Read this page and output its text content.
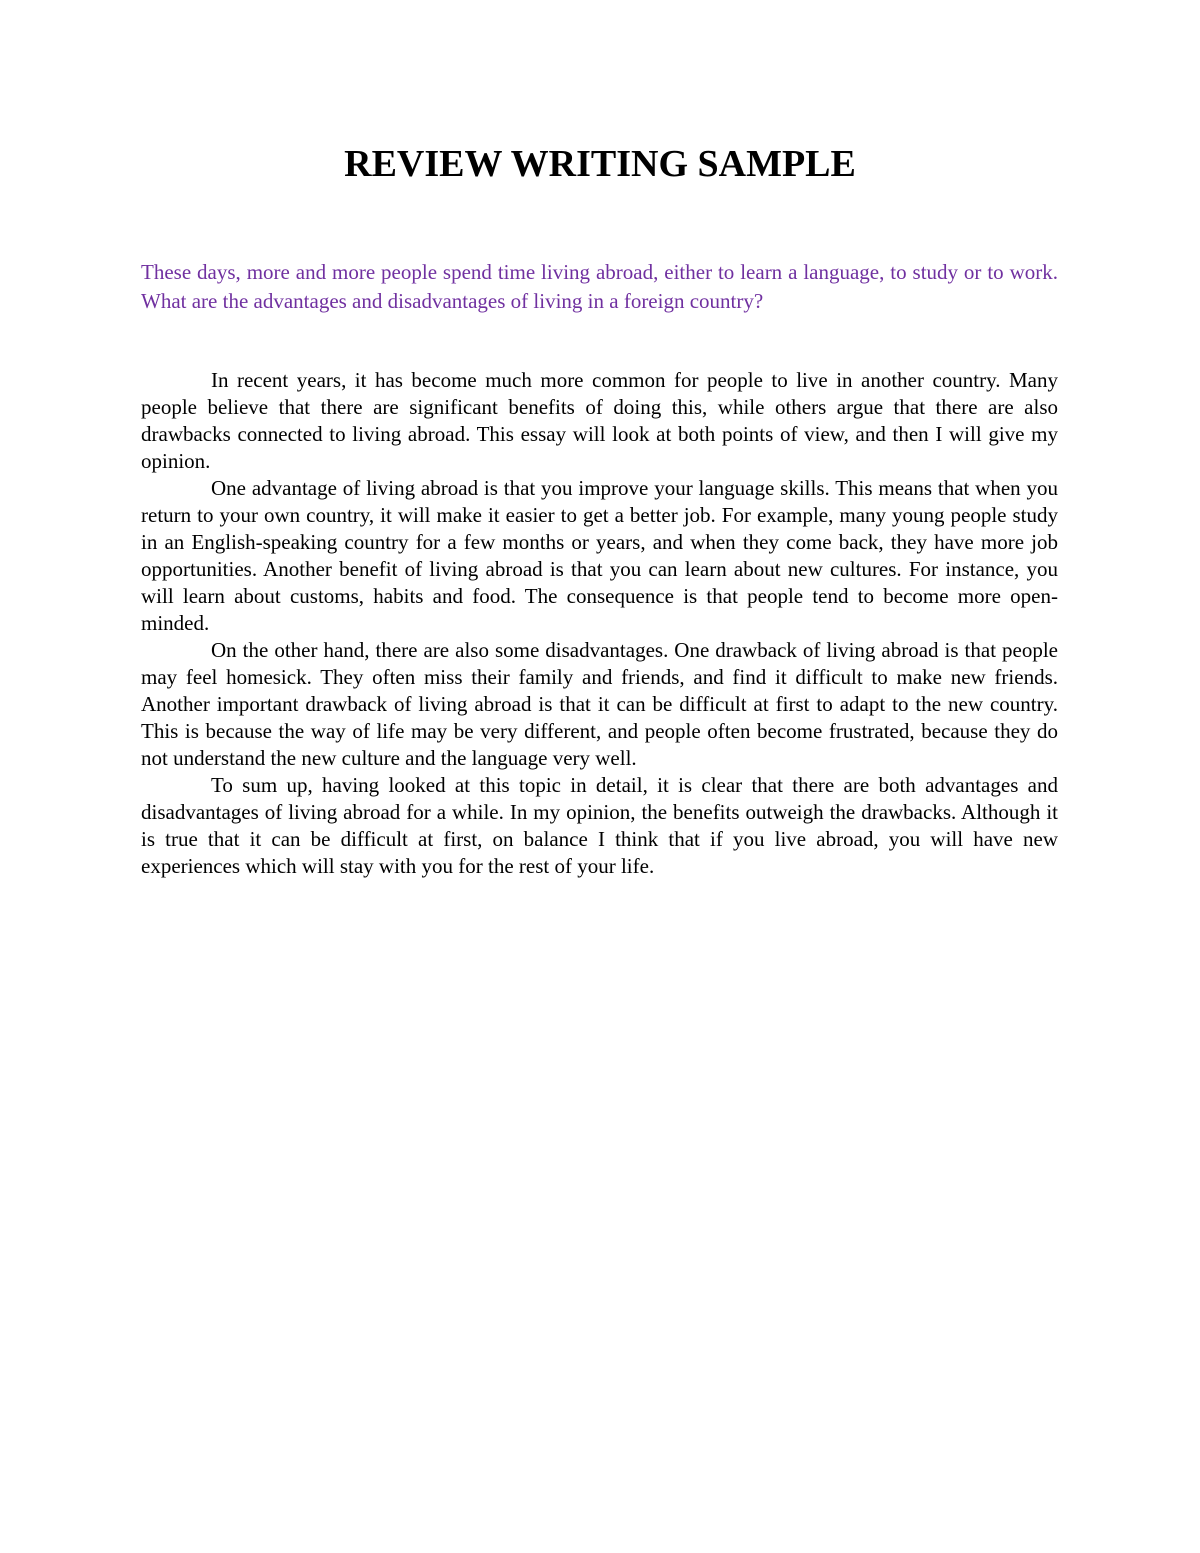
REVIEW WRITING SAMPLE

These days, more and more people spend time living abroad, either to learn a language, to study or to work. What are the advantages and disadvantages of living in a foreign country?

In recent years, it has become much more common for people to live in another country. Many people believe that there are significant benefits of doing this, while others argue that there are also drawbacks connected to living abroad. This essay will look at both points of view, and then I will give my opinion.

One advantage of living abroad is that you improve your language skills. This means that when you return to your own country, it will make it easier to get a better job. For example, many young people study in an English-speaking country for a few months or years, and when they come back, they have more job opportunities. Another benefit of living abroad is that you can learn about new cultures. For instance, you will learn about customs, habits and food. The consequence is that people tend to become more open-minded.

On the other hand, there are also some disadvantages. One drawback of living abroad is that people may feel homesick. They often miss their family and friends, and find it difficult to make new friends. Another important drawback of living abroad is that it can be difficult at first to adapt to the new country. This is because the way of life may be very different, and people often become frustrated, because they do not understand the new culture and the language very well.

To sum up, having looked at this topic in detail, it is clear that there are both advantages and disadvantages of living abroad for a while. In my opinion, the benefits outweigh the drawbacks. Although it is true that it can be difficult at first, on balance I think that if you live abroad, you will have new experiences which will stay with you for the rest of your life.
